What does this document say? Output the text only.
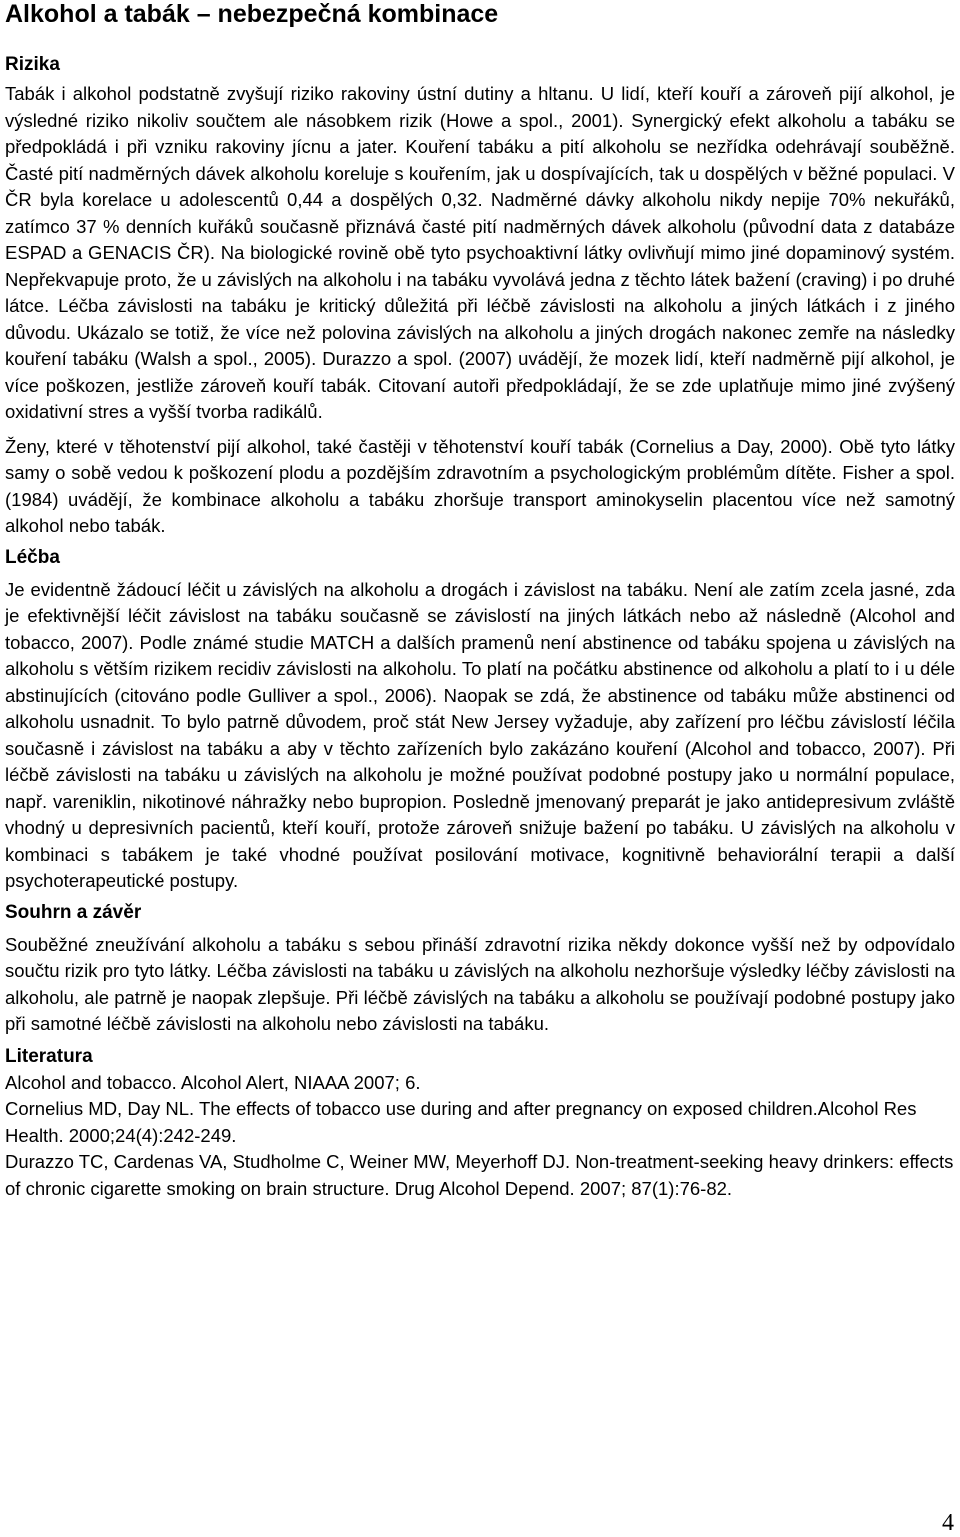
Alkohol a tabák – nebezpečná kombinace
Rizika

Tabák i alkohol podstatně zvyšují riziko rakoviny ústní dutiny a hltanu. U lidí, kteří kouří a zároveň pijí alkohol, je výsledné riziko nikoliv součtem ale násobkem rizik (Howe a spol., 2001). Synergický efekt alkoholu a tabáku se předpokládá i při vzniku rakoviny jícnu a jater. Kouření tabáku a pití alkoholu se nezřídka odehrávají souběžně. Časté pití nadměrných dávek alkoholu koreluje s kouřením, jak u dospívajících, tak u dospělých v běžné populaci. V ČR byla korelace u adolescentů 0,44 a dospělých 0,32. Nadměrné dávky alkoholu nikdy nepije 70% nekuřáků, zatímco 37 % denních kuřáků současně přiznává časté pití nadměrných dávek alkoholu (původní data z databáze ESPAD a GENACIS ČR). Na biologické rovině obě tyto psychoaktivní látky ovlivňují mimo jiné dopaminový systém. Nepřekvapuje proto, že u závislých na alkoholu i na tabáku vyvolává jedna z těchto látek bažení (craving) i po druhé látce. Léčba závislosti na tabáku je kritický důležitá při léčbě závislosti na alkoholu a jiných látkách i z jiného důvodu. Ukázalo se totiž, že více než polovina závislých na alkoholu a jiných drogách nakonec zemře na následky kouření tabáku (Walsh a spol., 2005). Durazzo a spol. (2007) uvádějí, že mozek lidí, kteří nadměrně pijí alkohol, je více poškozen, jestliže zároveň kouří tabák. Citovaní autoři předpokládají, že se zde uplatňuje mimo jiné zvýšený oxidativní stres a vyšší tvorba radikálů.

Ženy, které v těhotenství pijí alkohol, také častěji v těhotenství kouří tabák (Cornelius a Day, 2000). Obě tyto látky samy o sobě vedou k poškození plodu a pozdějším zdravotním a psychologickým problémům dítěte. Fisher a spol. (1984) uvádějí, že kombinace alkoholu a tabáku zhoršuje transport aminokyselin placentou více než samotný alkohol nebo tabák.

Léčba

Je evidentně žádoucí léčit u závislých na alkoholu a drogách i závislost na tabáku. Není ale zatím zcela jasné, zda je efektivnější léčit závislost na tabáku současně se závislostí na jiných látkách nebo až následně (Alcohol and tobacco, 2007). Podle známé studie MATCH a dalších pramenů není abstinence od tabáku spojena u závislých na alkoholu s větším rizikem recidiv závislosti na alkoholu. To platí na počátku abstinence od alkoholu a platí to i u déle abstinujících (citováno podle Gulliver a spol., 2006). Naopak se zdá, že abstinence od tabáku může abstinenci od alkoholu usnadnit. To bylo patrně důvodem, proč stát New Jersey vyžaduje, aby zařízení pro léčbu závislostí léčila současně i závislost na tabáku a aby v těchto zařízeních bylo zakázáno kouření (Alcohol and tobacco, 2007). Při léčbě závislosti na tabáku u závislých na alkoholu je možné používat podobné postupy jako u normální populace, např. vareniklin, nikotinové náhražky nebo bupropion. Posledně jmenovaný preparát je jako antidepresivum zvláště vhodný u depresivních pacientů, kteří kouří, protože zároveň snižuje bažení po tabáku. U závislých na alkoholu v kombinaci s tabákem je také vhodné používat posilování motivace, kognitivně behaviorální terapii a další psychoterapeutické postupy.

Souhrn a závěr

Souběžné zneužívání alkoholu a tabáku s sebou přináší zdravotní rizika někdy dokonce vyšší než by odpovídalo součtu rizik pro tyto látky. Léčba závislosti na tabáku u závislých na alkoholu nezhoršuje výsledky léčby závislosti na alkoholu, ale patrně je naopak zlepšuje. Při léčbě závislých na tabáku a alkoholu se používají podobné postupy jako při samotné léčbě závislosti na alkoholu nebo závislosti na tabáku.

Literatura

Alcohol and tobacco. Alcohol Alert, NIAAA 2007; 6.

Cornelius MD, Day NL. The effects of tobacco use during and after pregnancy on exposed children.Alcohol Res Health. 2000;24(4):242-249.

Durazzo TC, Cardenas VA, Studholme C, Weiner MW, Meyerhoff DJ. Non-treatment-seeking heavy drinkers: effects of chronic cigarette smoking on brain structure. Drug Alcohol Depend. 2007; 87(1):76-82.

4
